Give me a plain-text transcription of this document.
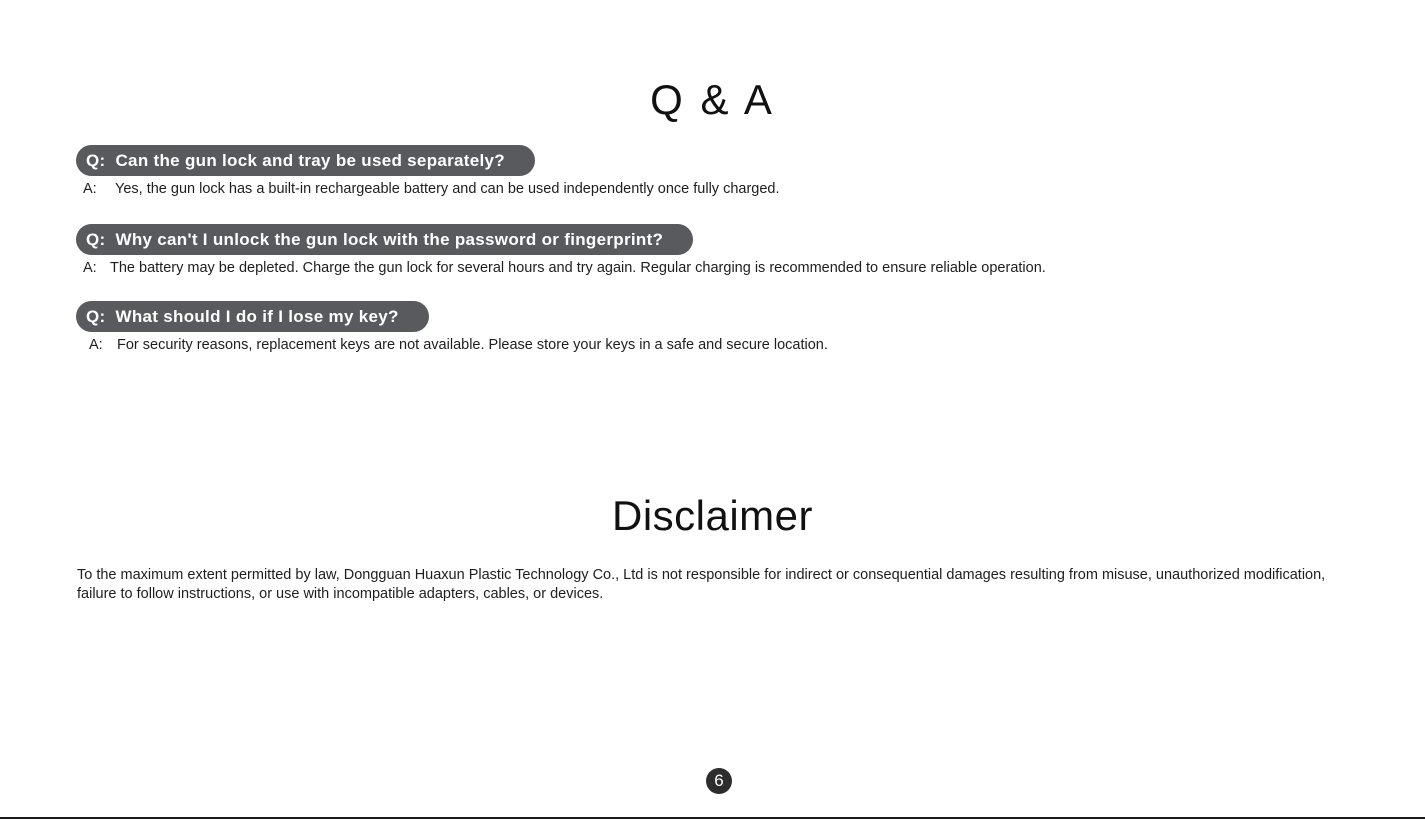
Q & A
Q: Can the gun lock and tray be used separately?
A: Yes, the gun lock has a built-in rechargeable battery and can be used independently once fully charged.
Q: Why can't I unlock the gun lock with the password or fingerprint?
A: The battery may be depleted. Charge the gun lock for several hours and try again. Regular charging is recommended to ensure reliable operation.
Q: What should I do if I lose my key?
A: For security reasons, replacement keys are not available. Please store your keys in a safe and secure location.
Disclaimer

To the maximum extent permitted by law, Dongguan Huaxun Plastic Technology Co., Ltd is not responsible for indirect or consequential damages resulting from misuse, unauthorized modification, failure to follow instructions, or use with incompatible adapters, cables, or devices.

6
